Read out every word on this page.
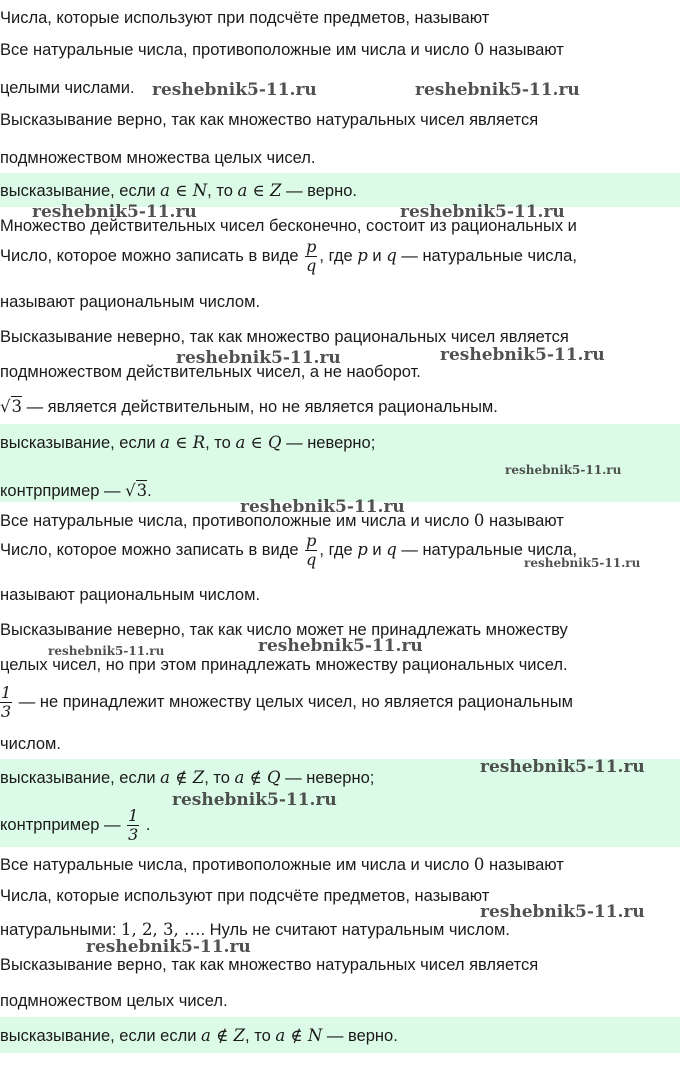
Числа, которые используют при подсчёте предметов, называют
Все натуральные числа, противоположные им числа и число 0 называют
целыми числами.
Высказывание верно, так как множество натуральных чисел является
подмножеством множества целых чисел.
высказывание, если a ∈ N, то a ∈ Z — верно.
Множество действительных чисел бесконечно, состоит из рациональных и
Число, которое можно записать в виде $\frac{p}{q}$ , где p и q — натуральные числа,
называют рациональным числом.
Высказывание неверно, так как множество рациональных чисел является
подмножеством действительных чисел, а не наоборот.
√3 — является действительным, но не является рациональным.
высказывание, если a ∈ R, то a ∈ Q — неверно;
контрпример — √3.
Все натуральные числа, противоположные им числа и число 0 называют
Число, которое можно записать в виде $\frac{p}{q}$ , где p и q — натуральные числа,
называют рациональным числом.
Высказывание неверно, так как число может не принадлежать множеству
целых чисел, но при этом принадлежать множеству рациональных чисел.
$\frac{1}{3}$ — не принадлежит множеству целых чисел, но является рациональным
числом.
высказывание, если a ∉ Z, то a ∉ Q — неверно;
контрпример — $\frac{1}{3}$ .
Все натуральные числа, противоположные им числа и число 0 называют
Числа, которые используют при подсчёте предметов, называют
натуральными: 1, 2, 3, …. Нуль не считают натуральным числом.
Высказывание верно, так как множество натуральных чисел является
подмножеством целых чисел.
высказывание, если если a ∉ Z, то a ∉ N — верно.
reshebnik5-11.ru	reshebnik5-11.ru
reshebnik5-11.ru	reshebnik5-11.ru
reshebnik5-11.ru	reshebnik5-11.ru
reshebnik5-11.ru
reshebnik5-11.ru
reshebnik5-11.ru
reshebnik5-11.ru	reshebnik5-11.ru
reshebnik5-11.ru
reshebnik5-11.ru
reshebnik5-11.ru
reshebnik5-11.ru
